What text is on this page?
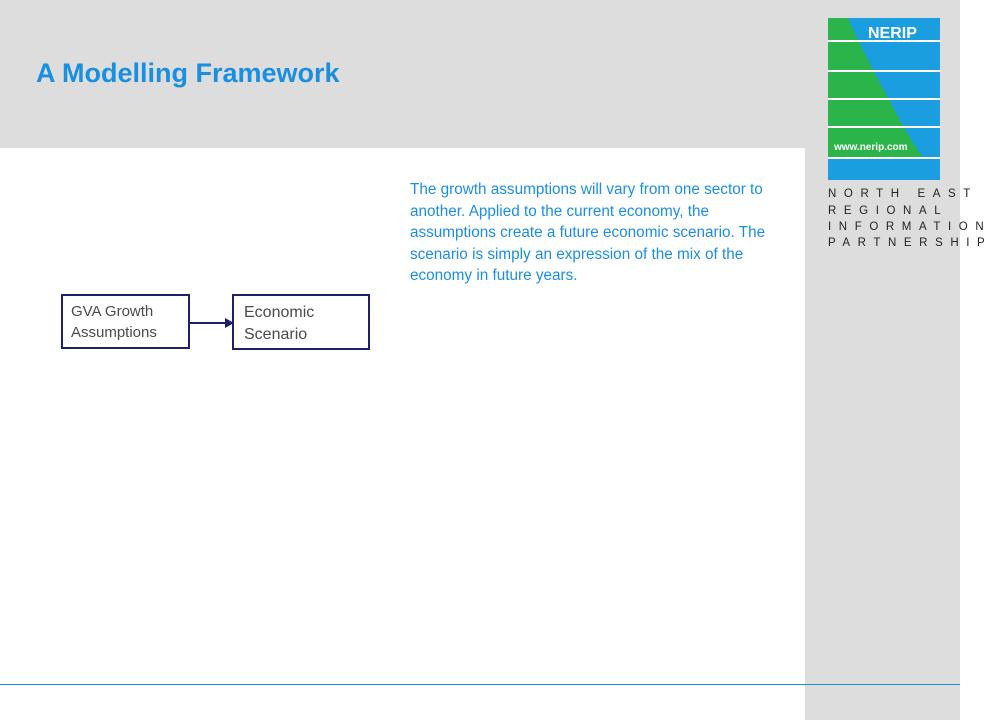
A Modelling Framework
NERIP
www.nerip.com
NORTH EAST
REGIONAL
INFORMATION
PARTNERSHIP
GVA Growth
Assumptions
Economic
Scenario

The growth assumptions will vary from one sector to another. Applied to the current economy, the assumptions create a future economic scenario. The scenario is simply an expression of the mix of the economy in future years.
